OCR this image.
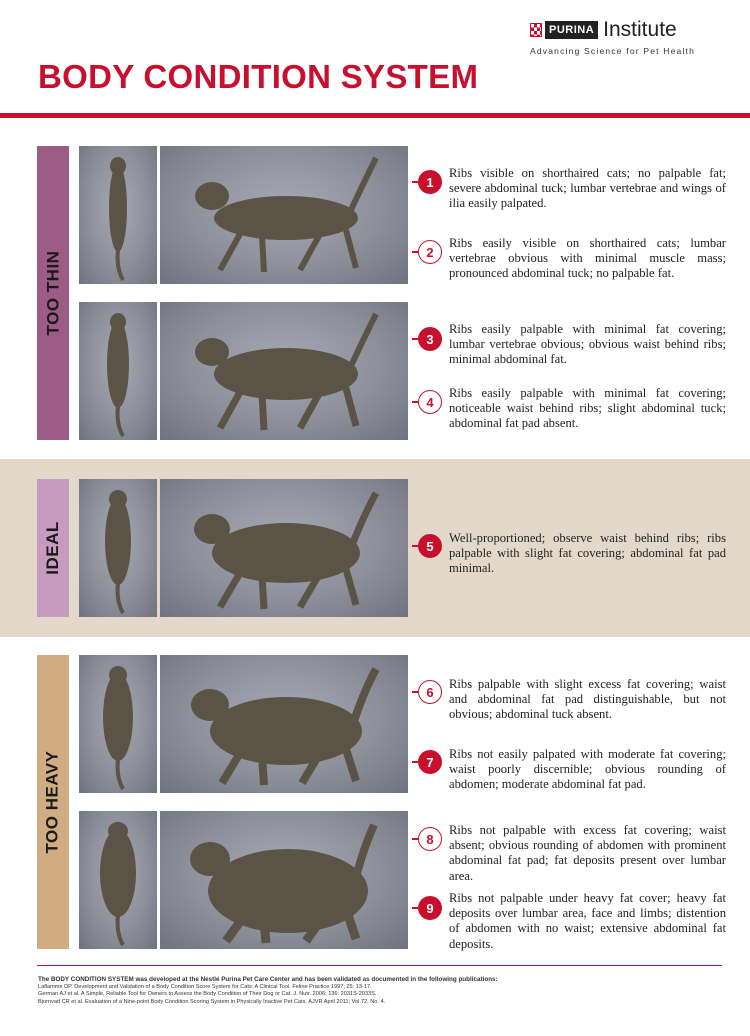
PURINA Institute
Advancing Science for Pet Health
BODY CONDITION SYSTEM
TOO THIN
IDEAL
TOO HEAVY
1
Ribs visible on shorthaired cats; no palpable fat; severe abdominal tuck; lumbar vertebrae and wings of ilia easily palpated.
2
Ribs easily visible on shorthaired cats; lumbar vertebrae obvious with minimal muscle mass; pronounced abdominal tuck; no palpable fat.
3
Ribs easily palpable with minimal fat covering; lumbar vertebrae obvious; obvious waist behind ribs; minimal abdominal fat.
4
Ribs easily palpable with minimal fat covering; noticeable waist behind ribs; slight abdominal tuck; abdominal fat pad absent.
5
Well-proportioned; observe waist behind ribs; ribs palpable with slight fat covering; abdominal fat pad minimal.
6
Ribs palpable with slight excess fat covering; waist and abdominal fat pad distinguishable, but not obvious; abdominal tuck absent.
7
Ribs not easily palpated with moderate fat covering; waist poorly discernible; obvious rounding of abdomen; moderate abdominal fat pad.
8
Ribs not palpable with excess fat covering; waist absent; obvious rounding of abdomen with prominent abdominal fat pad; fat deposits present over lumbar area.
9
Ribs not palpable under heavy fat cover; heavy fat deposits over lumbar area, face and limbs; distention of abdomen with no waist; extensive abdominal fat deposits.
The BODY CONDITION SYSTEM was developed at the Nestlé Purina Pet Care Center and has been validated as documented in the following publications:
Laflamme DP. Development and Validation of a Body Condition Score System for Cats: A Clinical Tool. Feline Practice 1997; 25: 13-17.
German AJ et al. A Simple, Reliable Tool for Owners to Assess the Body Condition of Their Dog or Cat. J. Nutr. 2006; 136: 2031S-2033S.
Bjornvad CR et al. Evaluation of a Nine-point Body Condition Scoring System in Physically Inactive Pet Cats. AJVR April 2011; Vol 72, No. 4.
